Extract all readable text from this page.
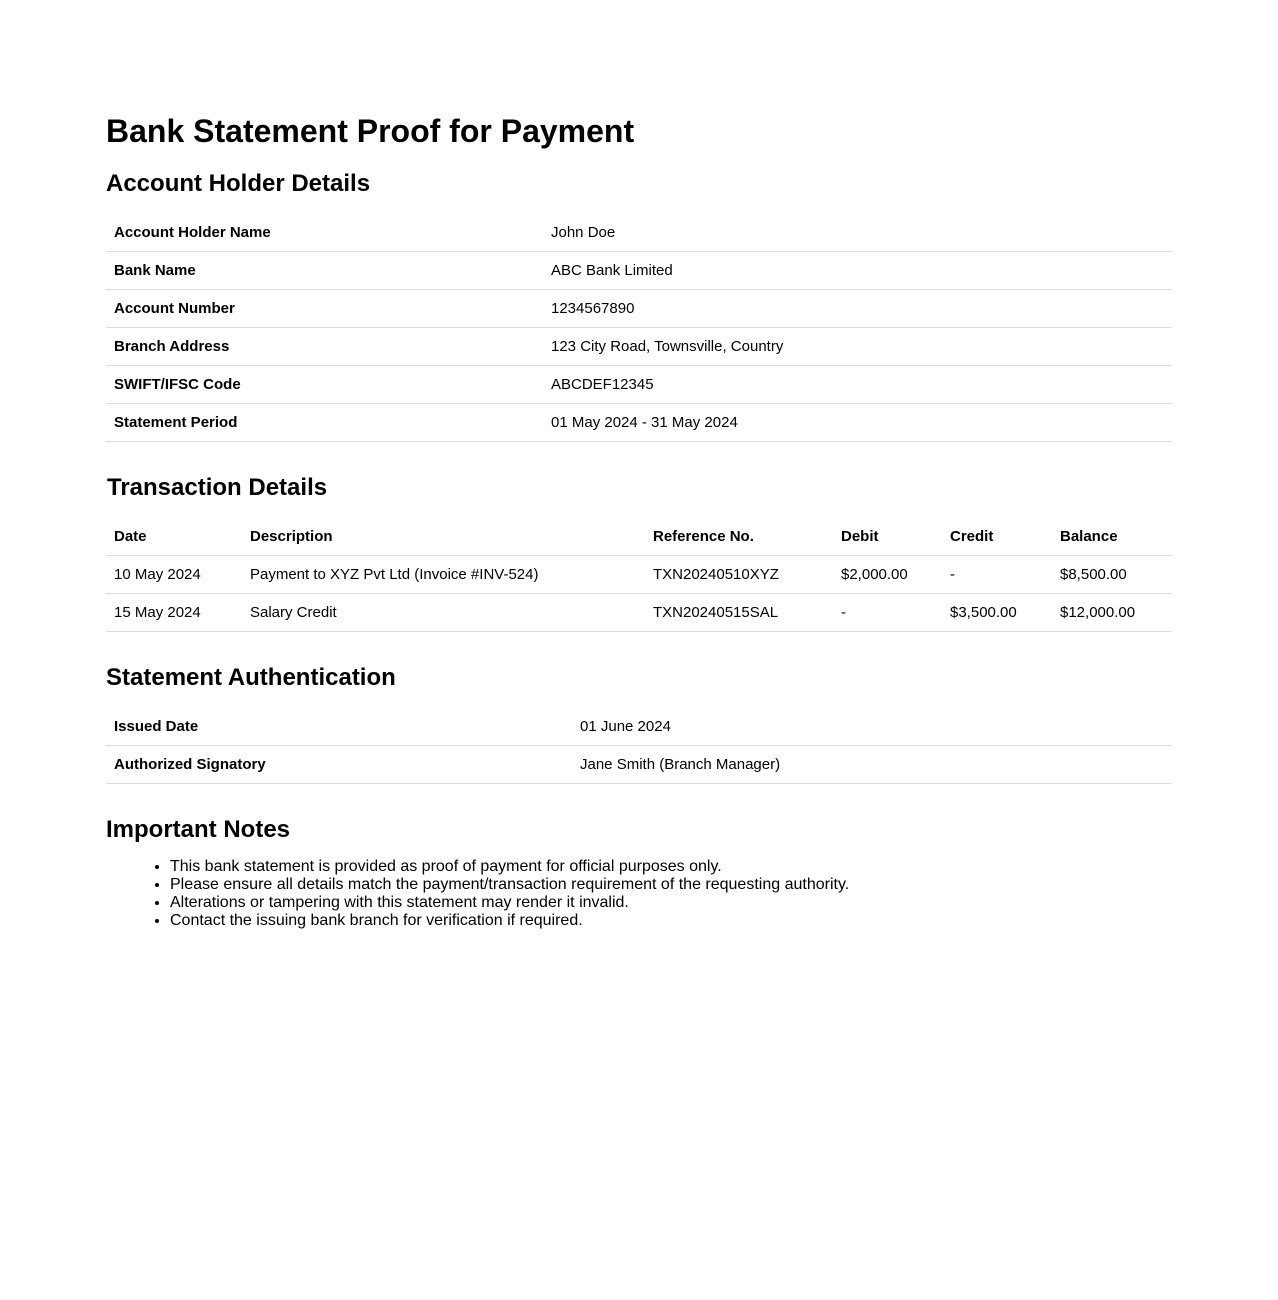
Bank Statement Proof for Payment
Account Holder Details
Account Holder Name	John Doe
Bank Name	ABC Bank Limited
Account Number	1234567890
Branch Address	123 City Road, Townsville, Country
SWIFT/IFSC Code	ABCDEF12345
Statement Period	01 May 2024 - 31 May 2024
Transaction Details
Date	Description	Reference No.	Debit	Credit	Balance
10 May 2024	Payment to XYZ Pvt Ltd (Invoice #INV-524)	TXN20240510XYZ	$2,000.00	-	$8,500.00
15 May 2024	Salary Credit	TXN20240515SAL	-	$3,500.00	$12,000.00
Statement Authentication
Issued Date	01 June 2024
Authorized Signatory	Jane Smith (Branch Manager)
Important Notes
• This bank statement is provided as proof of payment for official purposes only.
• Please ensure all details match the payment/transaction requirement of the requesting authority.
• Alterations or tampering with this statement may render it invalid.
• Contact the issuing bank branch for verification if required.
